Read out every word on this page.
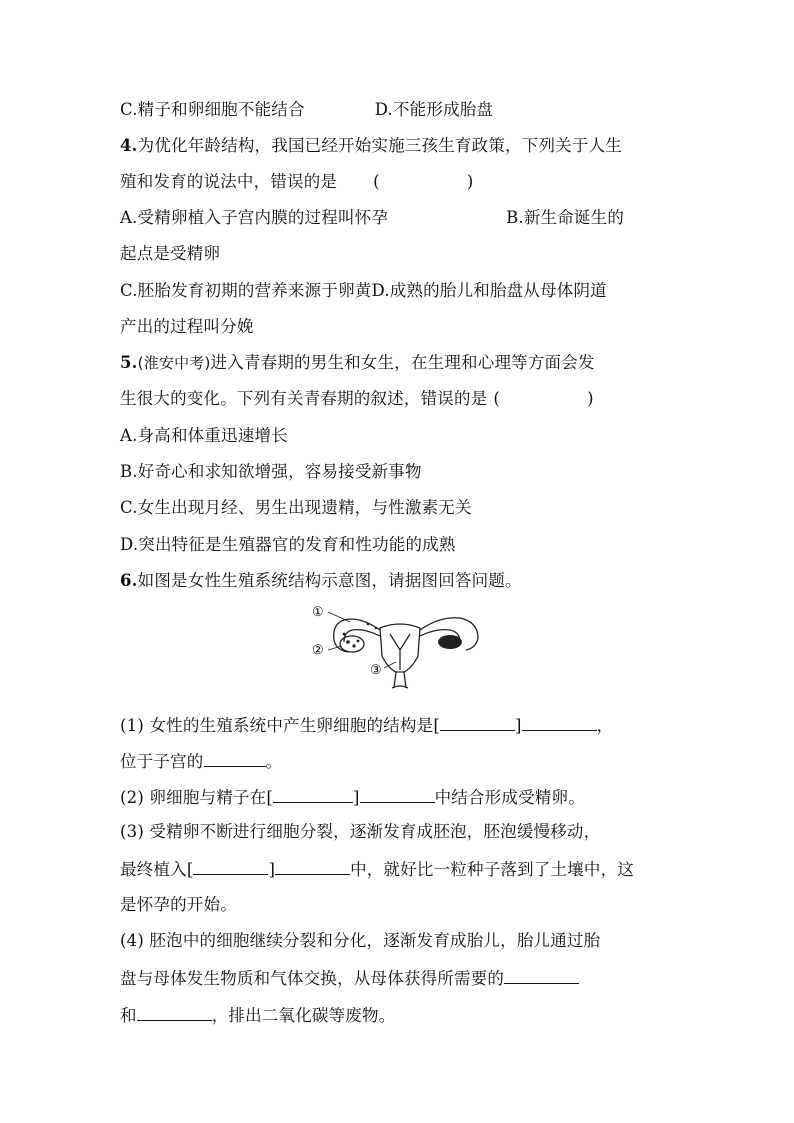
C.精子和卵细胞不能结合	D.不能形成胎盘
4.为优化年龄结构，我国已经开始实施三孩生育政策，下列关于人生
殖和发育的说法中，错误的是 (                )
A.受精卵植入子宫内膜的过程叫怀孕	B.新生命诞生的
起点是受精卵
C.胚胎发育初期的营养来源于卵黄D.成熟的胎儿和胎盘从母体阴道
产出的过程叫分娩
5.(淮安中考)进入青春期的男生和女生，在生理和心理等方面会发
生很大的变化。下列有关青春期的叙述，错误的是 (                )
A.身高和体重迅速增长
B.好奇心和求知欲增强，容易接受新事物
C.女生出现月经、男生出现遗精，与性激素无关
D.突出特征是生殖器官的发育和性功能的成熟
6.如图是女性生殖系统结构示意图，请据图回答问题。
①
②
③
(1) 女性的生殖系统中产生卵细胞的结构是[	]	，
位于子宫的	。
(2) 卵细胞与精子在[	]	中结合形成受精卵。
(3) 受精卵不断进行细胞分裂，逐渐发育成胚泡，胚泡缓慢移动，
最终植入[	]	中，就好比一粒种子落到了土壤中，这
是怀孕的开始。
(4) 胚泡中的细胞继续分裂和分化，逐渐发育成胎儿，胎儿通过胎
盘与母体发生物质和气体交换，从母体获得所需要的
和	，排出二氧化碳等废物。
